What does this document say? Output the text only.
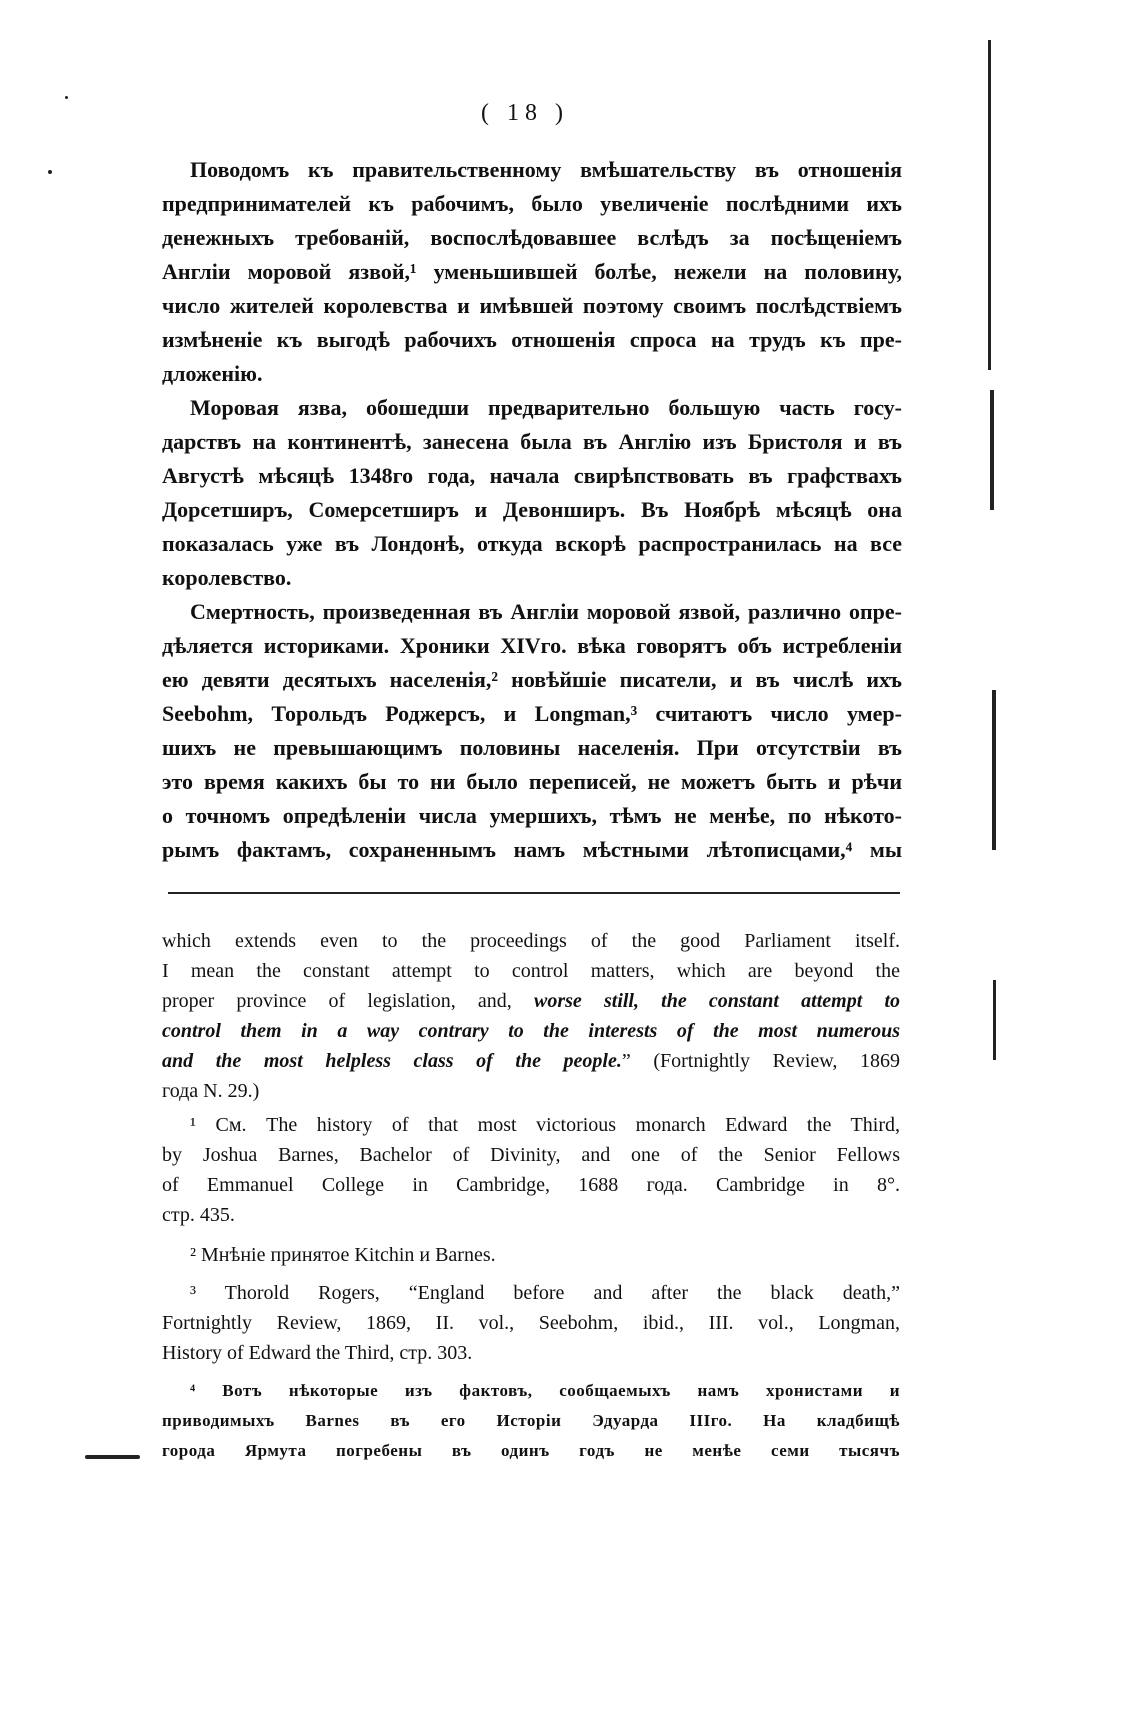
( 18 )
Поводомъ къ правительственному вмѣшательству въ отношенія
предпринимателей къ рабочимъ, было увеличеніе послѣдними ихъ
денежныхъ требованій, воспослѣдовавшее вслѣдъ за посѣщеніемъ
Англіи моровой язвой,¹ уменьшившей болѣе, нежели на половину,
число жителей королевства и имѣвшей поэтому своимъ послѣдствіемъ
измѣненіе къ выгодѣ рабочихъ отношенія спроса на трудъ къ пре-
дложенію.
Моровая язва, обошедши предварительно большую часть госу-
дарствъ на континентѣ, занесена была въ Англію изъ Бристоля и въ
Августѣ мѣсяцѣ 1348го года, начала свирѣпствовать въ графствахъ
Дорсетширъ, Сомерсетширъ и Девонширъ. Въ Ноябрѣ мѣсяцѣ она
показалась уже въ Лондонѣ, откуда вскорѣ распространилась на все
королевство.
Смертность, произведенная въ Англіи моровой язвой, различно опре-
дѣляется историками. Хроники XIVго. вѣка говорятъ объ истребленіи
ею девяти десятыхъ населенія,² новѣйшіе писатели, и въ числѣ ихъ
Seebohm, Торольдъ Роджерсъ, и Longman,³ считаютъ число умер-
шихъ не превышающимъ половины населенія. При отсутствіи въ
это время какихъ бы то ни было переписей, не можетъ быть и рѣчи
о точномъ опредѣленіи числа умершихъ, тѣмъ не менѣе, по нѣкото-
рымъ фактамъ, сохраненнымъ намъ мѣстными лѣтописцами,⁴ мы
which extends even to the proceedings of the good Parliament itself.
I mean the constant attempt to control matters, which are beyond the
proper province of legislation, and, worse still, the constant attempt to
control them in a way contrary to the interests of the most numerous
and the most helpless class of the people.” (Fortnightly Review, 1869
года N. 29.)
¹ См. The history of that most victorious monarch Edward the Third,
by Joshua Barnes, Bachelor of Divinity, and one of the Senior Fellows
of Emmanuel College in Cambridge, 1688 года. Cambridge in 8°.
стр. 435.
² Мнѣніе принятое Kitchin и Barnes.
³ Thorold Rogers, “England before and after the black death,”
Fortnightly Review, 1869, II. vol., Seebohm, ibid., III. vol., Longman,
History of Edward the Third, стр. 303.
⁴ Вотъ нѣкоторые изъ фактовъ, сообщаемыхъ намъ хронистами и
приводимыхъ Barnes въ его Исторіи Эдуарда IIIго. На кладбищѣ
города Ярмута погребены въ одинъ годъ не менѣе семи тысячъ
